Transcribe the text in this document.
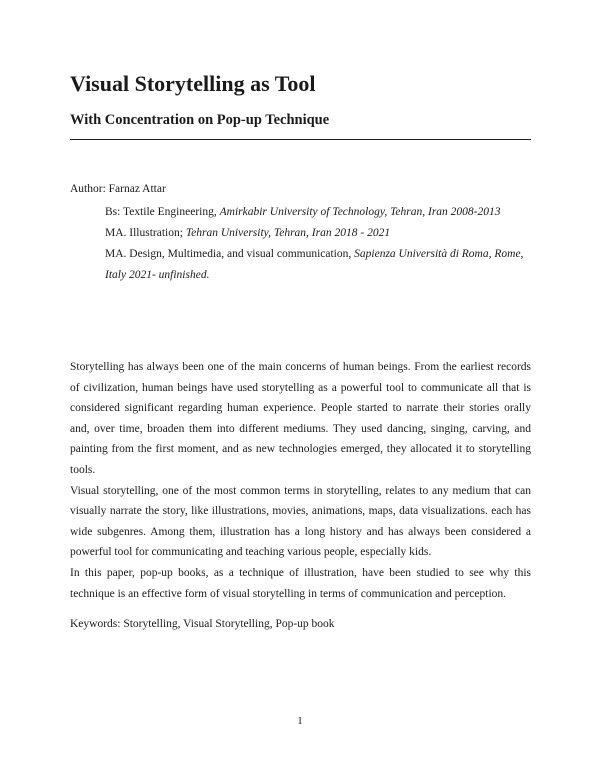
Visual Storytelling as Tool
With Concentration on Pop-up Technique
Author: Farnaz Attar
Bs: Textile Engineering, Amirkabir University of Technology, Tehran, Iran 2008-2013
MA. Illustration; Tehran University, Tehran, Iran 2018 - 2021
MA. Design, Multimedia, and visual communication, Sapienza Università di Roma, Rome, Italy 2021- unfinished.

Storytelling has always been one of the main concerns of human beings. From the earliest records of civilization, human beings have used storytelling as a powerful tool to communicate all that is considered significant regarding human experience. People started to narrate their stories orally and, over time, broaden them into different mediums. They used dancing, singing, carving, and painting from the first moment, and as new technologies emerged, they allocated it to storytelling tools.

Visual storytelling, one of the most common terms in storytelling, relates to any medium that can visually narrate the story, like illustrations, movies, animations, maps, data visualizations. each has wide subgenres. Among them, illustration has a long history and has always been considered a powerful tool for communicating and teaching various people, especially kids.

In this paper, pop-up books, as a technique of illustration, have been studied to see why this technique is an effective form of visual storytelling in terms of communication and perception.

Keywords: Storytelling, Visual Storytelling, Pop-up book
1
